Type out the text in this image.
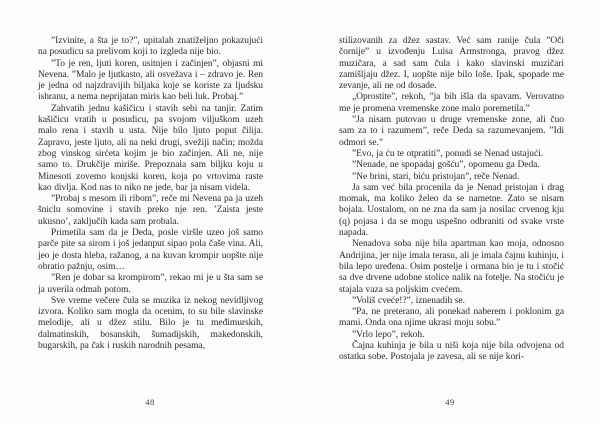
”Izvinite, a šta je to?”, upitalah znatiželjno pokazujući na posudicu sa prelivom koji to izgleda nije bio.

”To je ren, ljuti koren, usitnjen i začinjen”, objasni mi Nevena. ”Malo je ljutkasto, ali osvežava i – zdravo je. Ren je jedna od najzdravijih biljaka koje se koriste za ljudsku ishranu, a nema neprijatan miris kao beli luk. Probaj.”

Zahvatih jednu kašičicu i stavih sebi na tanjir. Zatim kašičicu vratih u posudicu, pa svojom viljuškom uzeh malo rena i stavih u usta. Nije bilo ljuto poput čilija. Zapravo, jeste ljuto, ali na neki drugi, svežiji način; možda zbog vinskog sirćeta kojim je bio začinjen. Ali ne, nije samo to. Drukčije miriše. Prepoznala sam biljku koju u Minesoti zovemo konjski koren, koja po vrtovima raste kao divlja. Kod nas to niko ne jede, bar ja nisam videla.

”Probaj s mesom ili ribom”, reče mi Nevena pa ja uzeh šniclu somovine i stavih preko nje ren. ’Zaista jeste ukusno’, zaključih kada sam probala.

Primetila sam da je Deda, posle viršle uzeo još samo parče pite sa sirom i još jedanput sipao pola čaše vina. Ali, jeo je dosta hleba, ražanog, a na kuvan krompir uopšte nije obratio pažnju, osim…

”Ren je dobar sa krompirom”, rekao mi je u šta sam se ja uverila odmah potom.

Sve vreme večere čula se muzika iz nekog nevidljivog izvora. Koliko sam mogla da ocenim, to su bile slavinske melodije, ali u džez stilu. Bilo je tu međimurskih, dalmatinskih, bosanskih, šumadijskih, makedonskih, bugarskih, pa čak i ruskih narodnih pesama,

48

stilizovanih za džez sastav. Već sam ranije čula ”Oči čornije” u izvođenju Luisa Armstronga, pravog džez muzičara, a sad sam čula i kako slavinski muzičari zamišljaju džez. I, uopšte nije bilo loše. Ipak, spopade me zevanje, ali ne od dosade.

„Oprostite”, rekoh, ”ja bih išla da spavam. Verovatno me je promena vremenske zone malo poremetila.”

”Ja nisam putovao u druge vremenske zone, ali čuo sam za to i razumem”, reče Deda sa razumevanjem. ”Idi odmori se.”

”Evo, ja ću te otpratiti”, ponudi se Nenad ustajući.

”Nenade, ne spopadaj gošću”, opomenu ga Deda.

”Ne brini, stari, biću pristojan”, reče Nenad.

Ja sam već bila procenila da je Nenad pristojan i drag momak, ma koliko želeo da se nametne. Zato se nisam bojala. Uostalom, on ne zna da sam ja nosilac crvenog kju (q) pojasa i da se mogu uspešno odbraniti od svake vrste napada.

Nenadova soba nije bila apartman kao moja, odnosno Andrijina, jer nije imala terasu, ali je imala čajnu kuhinju, i bila lepo uređena. Osim postelje i ormana bio je tu i stočić sa dve drvene udobne stolice nalik na fotelje. Na stočiću je stajala vaza sa poljskim cvećem.

”Voliš cveće!?”, iznenadih se.

”Pa, ne preterano, ali ponekad naberem i poklonim ga mami. Onda ona njime ukrasi moju sobu.”

”Vrlo lepo”, rekoh.

Čajna kuhinja je bila u niši koja nije bila odvojena od ostatka sobe. Postojala je zavesa, ali se nije kori-

49
